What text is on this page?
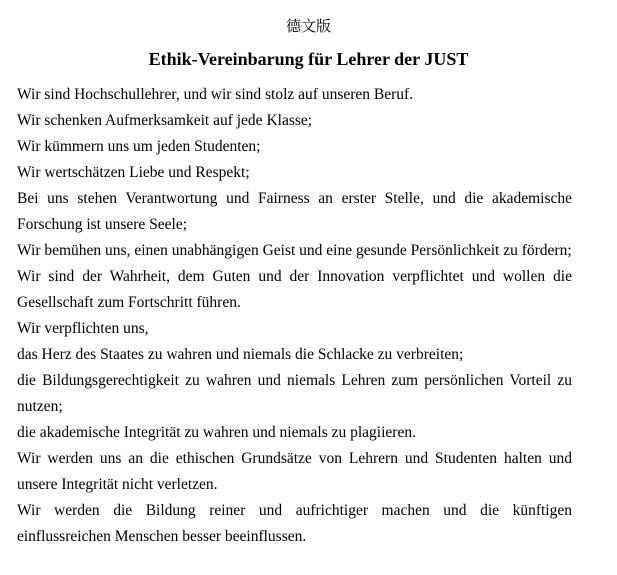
德文版
Ethik-Vereinbarung für Lehrer der JUST

Wir sind Hochschullehrer, und wir sind stolz auf unseren Beruf.

Wir schenken Aufmerksamkeit auf jede Klasse;

Wir kümmern uns um jeden Studenten;

Wir wertschätzen Liebe und Respekt;

Bei uns stehen Verantwortung und Fairness an erster Stelle, und die akademische Forschung ist unsere Seele;

Wir bemühen uns, einen unabhängigen Geist und eine gesunde Persönlichkeit zu fördern;

Wir sind der Wahrheit, dem Guten und der Innovation verpflichtet und wollen die Gesellschaft zum Fortschritt führen.

Wir verpflichten uns,

das Herz des Staates zu wahren und niemals die Schlacke zu verbreiten;

die Bildungsgerechtigkeit zu wahren und niemals Lehren zum persönlichen Vorteil zu nutzen;

die akademische Integrität zu wahren und niemals zu plagiieren.

Wir werden uns an die ethischen Grundsätze von Lehrern und Studenten halten und unsere Integrität nicht verletzen.

Wir werden die Bildung reiner und aufrichtiger machen und die künftigen einflussreichen Menschen besser beeinflussen.
